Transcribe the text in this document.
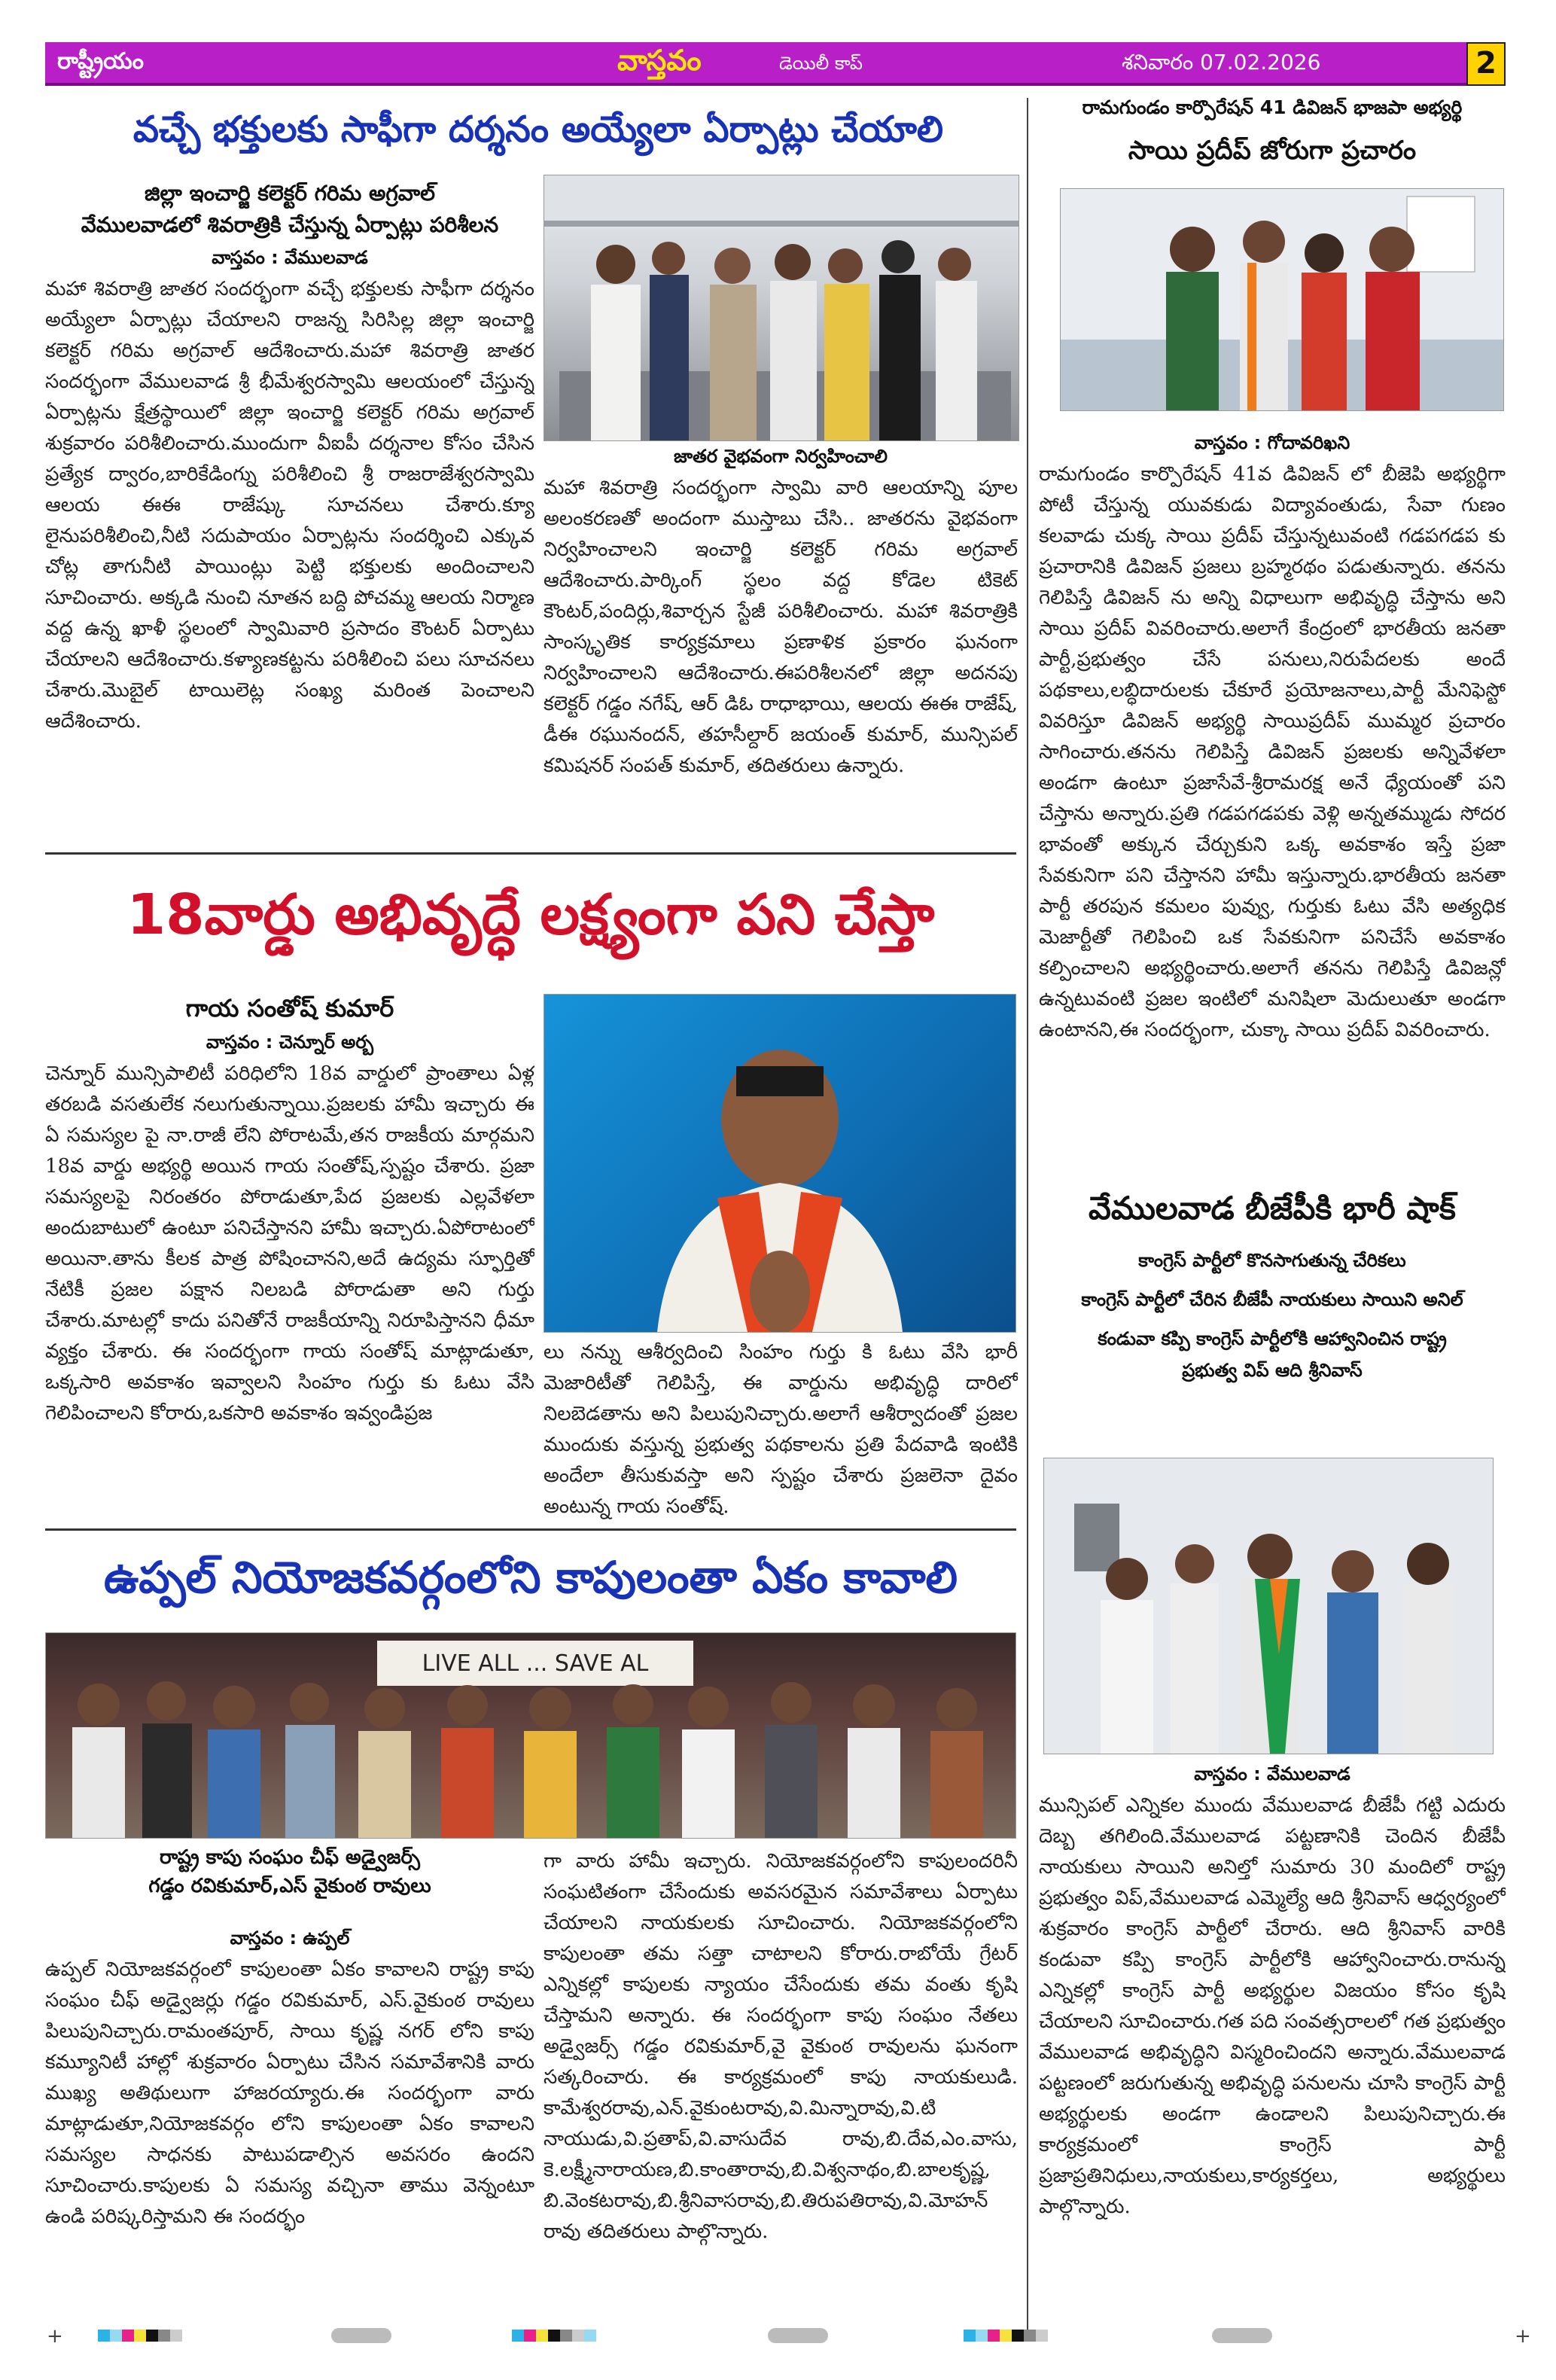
రాష్ట్రీయం	వాస్తవం	డెయిలీ కాప్	శనివారం 07.02.2026	2
వచ్చే భక్తులకు సాఫీగా దర్శనం అయ్యేలా ఏర్పాట్లు చేయాలి
జిల్లా ఇంచార్జి కలెక్టర్ గరిమ అగ్రవాల్
వేములవాడలో శివరాత్రికి చేస్తున్న ఏర్పాట్లు పరిశీలన
వాస్తవం : వేములవాడ
మహా శివరాత్రి జాతర సందర్భంగా వచ్చే భక్తులకు సాఫీగా దర్శనం అయ్యేలా ఏర్పాట్లు చేయాలని రాజన్న సిరిసిల్ల జిల్లా ఇంచార్జి కలెక్టర్ గరిమ అగ్రవాల్ ఆదేశించారు.మహా శివరాత్రి జాతర సందర్భంగా వేములవాడ శ్రీ భీమేశ్వరస్వామి ఆలయంలో చేస్తున్న ఏర్పాట్లను క్షేత్రస్థాయిలో జిల్లా ఇంచార్జి కలెక్టర్ గరిమ అగ్రవాల్ శుక్రవారం పరిశీలించారు.ముందుగా వీఐపీ దర్శనాల కోసం చేసిన ప్రత్యేక ద్వారం,బారికేడింగ్ను పరిశీలించి శ్రీ రాజరాజేశ్వరస్వామి ఆలయ ఈఈ రాజేష్కు సూచనలు చేశారు.క్యూ లైనుపరిశీలించి,నీటి సదుపాయం ఏర్పాట్లను సందర్శించి ఎక్కువ చోట్ల తాగునీటి పాయింట్లు పెట్టి భక్తులకు అందించాలని సూచించారు. అక్కడి నుంచి నూతన బద్ది పోచమ్మ ఆలయ నిర్మాణ వద్ద ఉన్న ఖాళీ స్థలంలో స్వామివారి ప్రసాదం కౌంటర్ ఏర్పాటు చేయాలని ఆదేశించారు.కళ్యాణకట్టను పరిశీలించి పలు సూచనలు చేశారు.మొబైల్ టాయిలెట్ల సంఖ్య మరింత పెంచాలని ఆదేశించారు.
జాతర వైభవంగా నిర్వహించాలి
మహా శివరాత్రి సందర్భంగా స్వామి వారి ఆలయాన్ని పూల అలంకరణతో అందంగా ముస్తాబు చేసి.. జాతరను వైభవంగా నిర్వహించాలని ఇంచార్జి కలెక్టర్ గరిమ అగ్రవాల్ ఆదేశించారు.పార్కింగ్ స్థలం వద్ద కోడెల టికెట్ కౌంటర్,పందిర్లు,శివార్చన స్టేజీ పరిశీలించారు. మహా శివరాత్రికి సాంస్కృతిక కార్యక్రమాలు ప్రణాళిక ప్రకారం ఘనంగా నిర్వహించాలని ఆదేశించారు.ఈపరిశీలనలో జిల్లా అదనపు కలెక్టర్ గడ్డం నగేష్, ఆర్ డిఓ రాధాభాయి, ఆలయ ఈఈ రాజేష్, డీఈ రఘునందన్, తహసీల్దార్ జయంత్ కుమార్, మున్సిపల్ కమిషనర్ సంపత్ కుమార్, తదితరులు ఉన్నారు.
18వార్డు అభివృద్ధే లక్ష్యంగా పని చేస్తా
గాయ సంతోష్ కుమార్
వాస్తవం : చెన్నూర్ అర్బ
చెన్నూర్ మున్సిపాలిటీ పరిధిలోని 18వ వార్డులో ప్రాంతాలు ఏళ్ల తరబడి వసతులేక నలుగుతున్నాయి.ప్రజలకు హామీ ఇచ్చారు ఈ ఏ సమస్యల పై నా.రాజీ లేని పోరాటమే,తన రాజకీయ మార్గమని 18వ వార్డు అభ్యర్థి అయిన గాయ సంతోష్,స్పష్టం చేశారు. ప్రజా సమస్యలపై నిరంతరం పోరాడుతూ,పేద ప్రజలకు ఎల్లవేళలా అందుబాటులో ఉంటూ పనిచేస్తానని హామీ ఇచ్చారు.ఏపోరాటంలో అయినా.తాను కీలక పాత్ర పోషించానని,అదే ఉద్యమ స్ఫూర్తితో నేటికీ ప్రజల పక్షాన నిలబడి పోరాడుతా అని గుర్తు చేశారు.మాటల్లో కాదు పనితోనే రాజకీయాన్ని నిరూపిస్తానని ధీమా వ్యక్తం చేశారు. ఈ సందర్భంగా గాయ సంతోష్ మాట్లాడుతూ, ఒక్కసారి అవకాశం ఇవ్వాలని సింహం గుర్తు కు ఓటు వేసి గెలిపించాలని కోరారు,ఒకసారి అవకాశం ఇవ్వండిప్రజ
లు నన్ను ఆశీర్వదించి సింహం గుర్తు కి ఓటు వేసి భారీ మెజారిటీతో గెలిపిస్తే, ఈ వార్డును అభివృద్ధి దారిలో నిలబెడతాను అని పిలుపునిచ్చారు.అలాగే ఆశీర్వాదంతో ప్రజల ముందుకు వస్తున్న ప్రభుత్వ పథకాలను ప్రతి పేదవాడి ఇంటికి అందేలా తీసుకువస్తా అని స్పష్టం చేశారు ప్రజలెనా దైవం అంటున్న గాయ సంతోష్.
ఉప్పల్ నియోజకవర్గంలోని కాపులంతా ఏకం కావాలి
LIVE ALL ... SAVE AL
రాష్ట్ర కాపు సంఘం చీఫ్ అడ్వైజర్స్
గడ్డం రవికుమార్,ఎస్ వైకుంఠ రావులు
వాస్తవం : ఉప్పల్
ఉప్పల్ నియోజకవర్గంలో కాపులంతా ఏకం కావాలని రాష్ట్ర కాపు సంఘం చీఫ్ అడ్వైజర్లు గడ్డం రవికుమార్, ఎస్.వైకుంఠ రావులు పిలుపునిచ్చారు.రామంతపూర్, సాయి కృష్ణ నగర్ లోని కాపు కమ్యూనిటీ హాల్లో శుక్రవారం ఏర్పాటు చేసిన సమావేశానికి వారు ముఖ్య అతిథులుగా హాజరయ్యారు.ఈ సందర్భంగా వారు మాట్లాడుతూ,నియోజకవర్గం లోని కాపులంతా ఏకం కావాలని సమస్యల సాధనకు పాటుపడాల్సిన అవసరం ఉందని సూచించారు.కాపులకు ఏ సమస్య వచ్చినా తాము వెన్నంటూ ఉండి పరిష్కరిస్తామని ఈ సందర్భం
గా వారు హామీ ఇచ్చారు. నియోజకవర్గంలోని కాపులందరినీ సంఘటితంగా చేసేందుకు అవసరమైన సమావేశాలు ఏర్పాటు చేయాలని నాయకులకు సూచించారు. నియోజకవర్గంలోని కాపులంతా తమ సత్తా చాటాలని కోరారు.రాబోయే గ్రేటర్ ఎన్నికల్లో కాపులకు న్యాయం చేసేందుకు తమ వంతు కృషి చేస్తామని అన్నారు. ఈ సందర్భంగా కాపు సంఘం నేతలు అడ్వైజర్స్ గడ్డం రవికుమార్,వై వైకుంఠ రావులను ఘనంగా సత్కరించారు. ఈ కార్యక్రమంలో కాపు నాయకులుడి. కామేశ్వరరావు,ఎన్.వైకుంటరావు,వి.మిన్నారావు,వి.టి నాయుడు,వి.ప్రతాప్,వి.వాసుదేవ రావు,బి.దేవ,ఎం.వాసు, కె.లక్ష్మీనారాయణ,బి.కాంతారావు,బి.విశ్వనాథం,బి.బాలకృష్ణ, బి.వెంకటరావు,బి.శ్రీనివాసరావు,బి.తిరుపతిరావు,వి.మోహన్ రావు తదితరులు పాల్గొన్నారు.
రామగుండం కార్పొరేషన్ 41 డివిజన్ భాజపా అభ్యర్థి
సాయి ప్రదీప్ జోరుగా ప్రచారం
వాస్తవం : గోదావరిఖని
రామగుండం కార్పొరేషన్ 41వ డివిజన్ లో బీజెపి అభ్యర్థిగా పోటీ చేస్తున్న యువకుడు విద్యావంతుడు, సేవా గుణం కలవాడు చుక్క సాయి ప్రదీప్ చేస్తున్నటువంటి గడపగడప కు ప్రచారానికి డివిజన్ ప్రజలు బ్రహ్మరథం పడుతున్నారు. తనను గెలిపిస్తే డివిజన్ ను అన్ని విధాలుగా అభివృద్ధి చేస్తాను అని సాయి ప్రదీప్ వివరించారు.అలాగే కేంద్రంలో భారతీయ జనతా పార్టీ,ప్రభుత్వం చేసే పనులు,నిరుపేదలకు అందే పథకాలు,లబ్ధిదారులకు చేకూరే ప్రయోజనాలు,పార్టీ మేనిఫెస్టో వివరిస్తూ డివిజన్ అభ్యర్థి సాయిప్రదీప్ ముమ్మర ప్రచారం సాగించారు.తనను గెలిపిస్తే డివిజన్ ప్రజలకు అన్నివేళలా అండగా ఉంటూ ప్రజాసేవే-శ్రీరామరక్ష అనే ధ్యేయంతో పని చేస్తాను అన్నారు.ప్రతి గడపగడపకు వెళ్లి అన్నతమ్ముడు సోదర భావంతో అక్కున చేర్చుకుని ఒక్క అవకాశం ఇస్తే ప్రజా సేవకునిగా పని చేస్తానని హామీ ఇస్తున్నారు.భారతీయ జనతా పార్టీ తరపున కమలం పువ్వు, గుర్తుకు ఓటు వేసి అత్యధిక మెజార్టీతో గెలిపించి ఒక సేవకునిగా పనిచేసే అవకాశం కల్పించాలని అభ్యర్థించారు.అలాగే తనను గెలిపిస్తే డివిజన్లో ఉన్నటువంటి ప్రజల ఇంటిలో మనిషిలా మెదులుతూ అండగా ఉంటానని,ఈ సందర్భంగా, చుక్కా సాయి ప్రదీప్ వివరించారు.
వేములవాడ బీజేపీకి భారీ షాక్
కాంగ్రెస్ పార్టీలో కొనసాగుతున్న చేరికలు
కాంగ్రెస్ పార్టీలో చేరిన బీజేపీ నాయకులు సాయిని అనిల్
కండువా కప్పి కాంగ్రెస్ పార్టీలోకి ఆహ్వానించిన రాష్ట్ర
ప్రభుత్వ విప్ ఆది శ్రీనివాస్
వాస్తవం : వేములవాడ
మున్సిపల్ ఎన్నికల ముందు వేములవాడ బీజేపీ గట్టి ఎదురు దెబ్బ తగిలింది.వేములవాడ పట్టణానికి చెందిన బీజేపీ నాయకులు సాయిని అనిల్తో సుమారు 30 మందిలో రాష్ట్ర ప్రభుత్వం విప్,వేములవాడ ఎమ్మెల్యే ఆది శ్రీనివాస్ ఆధ్వర్యంలో శుక్రవారం కాంగ్రెస్ పార్టీలో చేరారు. ఆది శ్రీనివాస్ వారికి కండువా కప్పి కాంగ్రెస్ పార్టీలోకి ఆహ్వానించారు.రానున్న ఎన్నికల్లో కాంగ్రెస్ పార్టీ అభ్యర్థుల విజయం కోసం కృషి చేయాలని సూచించారు.గత పది సంవత్సరాలలో గత ప్రభుత్వం వేములవాడ అభివృద్ధిని విస్మరించిందని అన్నారు.వేములవాడ పట్టణంలో జరుగుతున్న అభివృద్ధి పనులను చూసి కాంగ్రెస్ పార్టీ అభ్యర్థులకు అండగా ఉండాలని పిలుపునిచ్చారు.ఈ కార్యక్రమంలో కాంగ్రెస్ పార్టీ ప్రజాప్రతినిధులు,నాయకులు,కార్యకర్తలు, అభ్యర్థులు పాల్గొన్నారు.
+	+
